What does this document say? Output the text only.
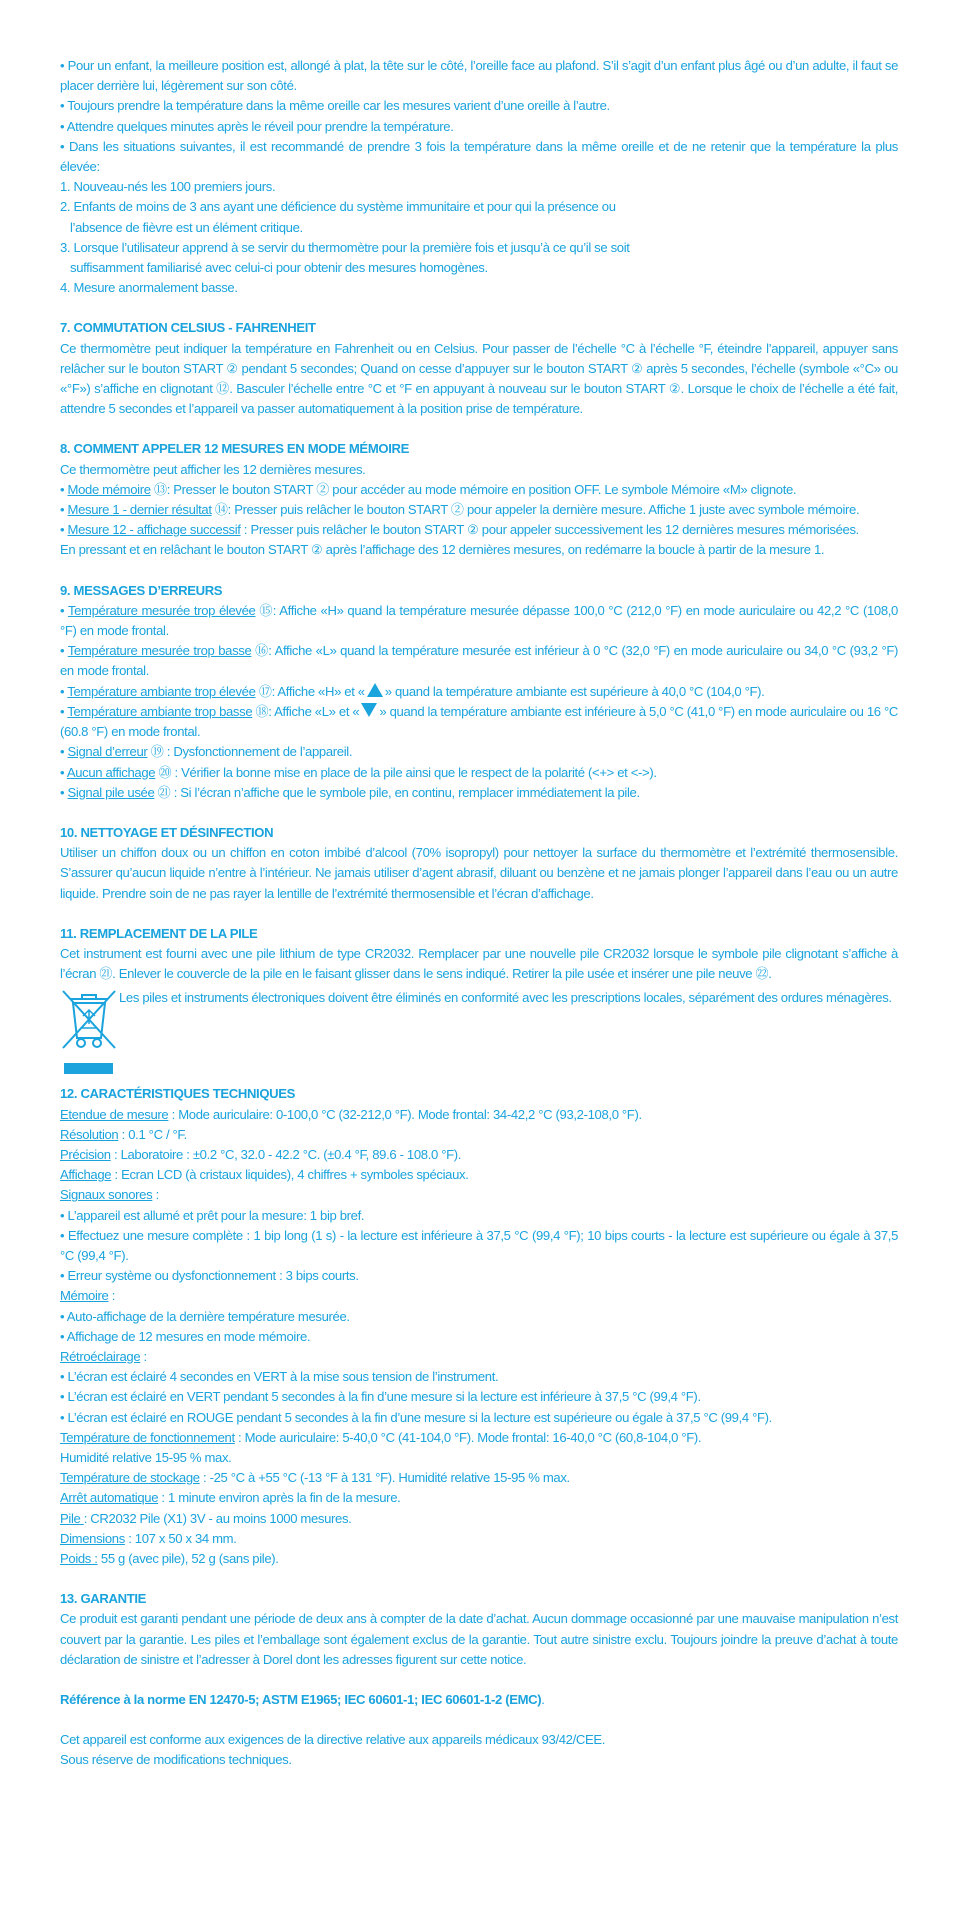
• Pour un enfant, la meilleure position est, allongé à plat, la tête sur le côté, l’oreille face au plafond. S’il s’agit d’un enfant plus âgé ou d’un adulte, il faut se placer derrière lui, légèrement sur son côté.

• Toujours prendre la température dans la même oreille car les mesures varient d’une oreille à l’autre.

• Attendre quelques minutes après le réveil pour prendre la température.

• Dans les situations suivantes, il est recommandé de prendre 3 fois la température dans la même oreille et de ne retenir que la température la plus élevée:

1. Nouveau-nés les 100 premiers jours.

2. Enfants de moins de 3 ans ayant une déficience du système immunitaire et pour qui la présence ou

l’absence de fièvre est un élément critique.

3. Lorsque l’utilisateur apprend à se servir du thermomètre pour la première fois et jusqu’à ce qu’il se soit

suffisamment familiarisé avec celui-ci pour obtenir des mesures homogènes.

4. Mesure anormalement basse.

7. COMMUTATION CELSIUS - FAHRENHEIT

Ce thermomètre peut indiquer la température en Fahrenheit ou en Celsius. Pour passer de l’échelle °C à l’échelle °F, éteindre l’appareil, appuyer sans relâcher sur le bouton START ② pendant 5 secondes; Quand on cesse d’appuyer sur le bouton START ② après 5 secondes, l’échelle (symbole «°C» ou «°F») s’affiche en clignotant ⑫. Basculer l’échelle entre °C et °F en appuyant à nouveau sur le bouton START ②. Lorsque le choix de l’échelle a été fait, attendre 5 secondes et l’appareil va passer automatiquement à la position prise de température.

8. COMMENT APPELER 12 MESURES EN MODE MÉMOIRE

Ce thermomètre peut afficher les 12 dernières mesures.

• Mode mémoire ⑬: Presser le bouton START ② pour accéder au mode mémoire en position OFF. Le symbole Mémoire «M» clignote.

• Mesure 1 - dernier résultat ⑭: Presser puis relâcher le bouton START ② pour appeler la dernière mesure. Affiche 1 juste avec symbole mémoire.

• Mesure 12 - affichage successif : Presser puis relâcher le bouton START ② pour appeler successivement les 12 dernières mesures mémorisées.

En pressant et en relâchant le bouton START ② après l’affichage des 12 dernières mesures, on redémarre la boucle à partir de la mesure 1.

9. MESSAGES D’ERREURS

• Température mesurée trop élevée ⑮: Affiche «H» quand la température mesurée dépasse 100,0 °C (212,0 °F) en mode auriculaire ou 42,2 °C (108,0 °F) en mode frontal.

• Température mesurée trop basse ⑯: Affiche «L» quand la température mesurée est inférieur à 0 °C (32,0 °F) en mode auriculaire ou 34,0 °C (93,2 °F) en mode frontal.

• Température ambiante trop élevée ⑰: Affiche «H» et « » quand la température ambiante est supérieure à 40,0 °C (104,0 °F).

• Température ambiante trop basse ⑱: Affiche «L» et « » quand la température ambiante est inférieure à 5,0 °C (41,0 °F) en mode auriculaire ou 16 °C (60.8 °F) en mode frontal.

• Signal d’erreur ⑲ : Dysfonctionnement de l’appareil.

• Aucun affichage ⑳ : Vérifier la bonne mise en place de la pile ainsi que le respect de la polarité (<+> et <->).

• Signal pile usée ㉑ : Si l’écran n’affiche que le symbole pile, en continu, remplacer immédiatement la pile.

10. NETTOYAGE ET DÉSINFECTION

Utiliser un chiffon doux ou un chiffon en coton imbibé d’alcool (70% isopropyl) pour nettoyer la surface du thermomètre et l’extrémité thermosensible. S’assurer qu’aucun liquide n’entre à l’intérieur. Ne jamais utiliser d’agent abrasif, diluant ou benzène et ne jamais plonger l’appareil dans l’eau ou un autre liquide. Prendre soin de ne pas rayer la lentille de l’extrémité thermosensible et l’écran d’affichage.

11. REMPLACEMENT DE LA PILE

Cet instrument est fourni avec une pile lithium de type CR2032. Remplacer par une nouvelle pile CR2032 lorsque le symbole pile clignotant s’affiche à l’écran ㉑. Enlever le couvercle de la pile en le faisant glisser dans le sens indiqué. Retirer la pile usée et insérer une pile neuve ㉒.

Les piles et instruments électroniques doivent être éliminés en conformité avec les prescriptions locales, séparément des ordures ménagères.

12. CARACTÉRISTIQUES TECHNIQUES

Etendue de mesure : Mode auriculaire: 0-100,0 °C (32-212,0 °F). Mode frontal: 34-42,2 °C (93,2-108,0 °F).

Résolution : 0.1 °C / °F.

Précision : Laboratoire : ±0.2 °C, 32.0 - 42.2 °C. (±0.4 °F, 89.6 - 108.0 °F).

Affichage : Ecran LCD (à cristaux liquides), 4 chiffres + symboles spéciaux.

Signaux sonores :

• L’appareil est allumé et prêt pour la mesure: 1 bip bref.

• Effectuez une mesure complète : 1 bip long (1 s) - la lecture est inférieure à 37,5 °C (99,4 °F); 10 bips courts - la lecture est supérieure ou égale à 37,5 °C (99,4 °F).

• Erreur système ou dysfonctionnement : 3 bips courts.

Mémoire :

• Auto-affichage de la dernière température mesurée.

• Affichage de 12 mesures en mode mémoire.

Rétroéclairage :

• L’écran est éclairé 4 secondes en VERT à la mise sous tension de l’instrument.

• L’écran est éclairé en VERT pendant 5 secondes à la fin d’une mesure si la lecture est inférieure à 37,5 °C (99,4 °F).

• L’écran est éclairé en ROUGE pendant 5 secondes à la fin d’une mesure si la lecture est supérieure ou égale à 37,5 °C (99,4 °F).

Température de fonctionnement : Mode auriculaire: 5-40,0 °C (41-104,0 °F). Mode frontal: 16-40,0 °C (60,8-104,0 °F).

Humidité relative 15-95 % max.

Température de stockage : -25 °C à +55 °C (-13 °F à 131 °F). Humidité relative 15-95 % max.

Arrêt automatique : 1 minute environ après la fin de la mesure.

Pile : CR2032 Pile (X1) 3V - au moins 1000 mesures.

Dimensions : 107 x 50 x 34 mm.

Poids : 55 g (avec pile), 52 g (sans pile).

13. GARANTIE

Ce produit est garanti pendant une période de deux ans à compter de la date d’achat. Aucun dommage occasionné par une mauvaise manipulation n’est couvert par la garantie. Les piles et l’emballage sont également exclus de la garantie. Tout autre sinistre exclu. Toujours joindre la preuve d’achat à toute déclaration de sinistre et l’adresser à Dorel dont les adresses figurent sur cette notice.

Référence à la norme EN 12470-5; ASTM E1965; IEC 60601-1; IEC 60601-1-2 (EMC).

Cet appareil est conforme aux exigences de la directive relative aux appareils médicaux 93/42/CEE.

Sous réserve de modifications techniques.
